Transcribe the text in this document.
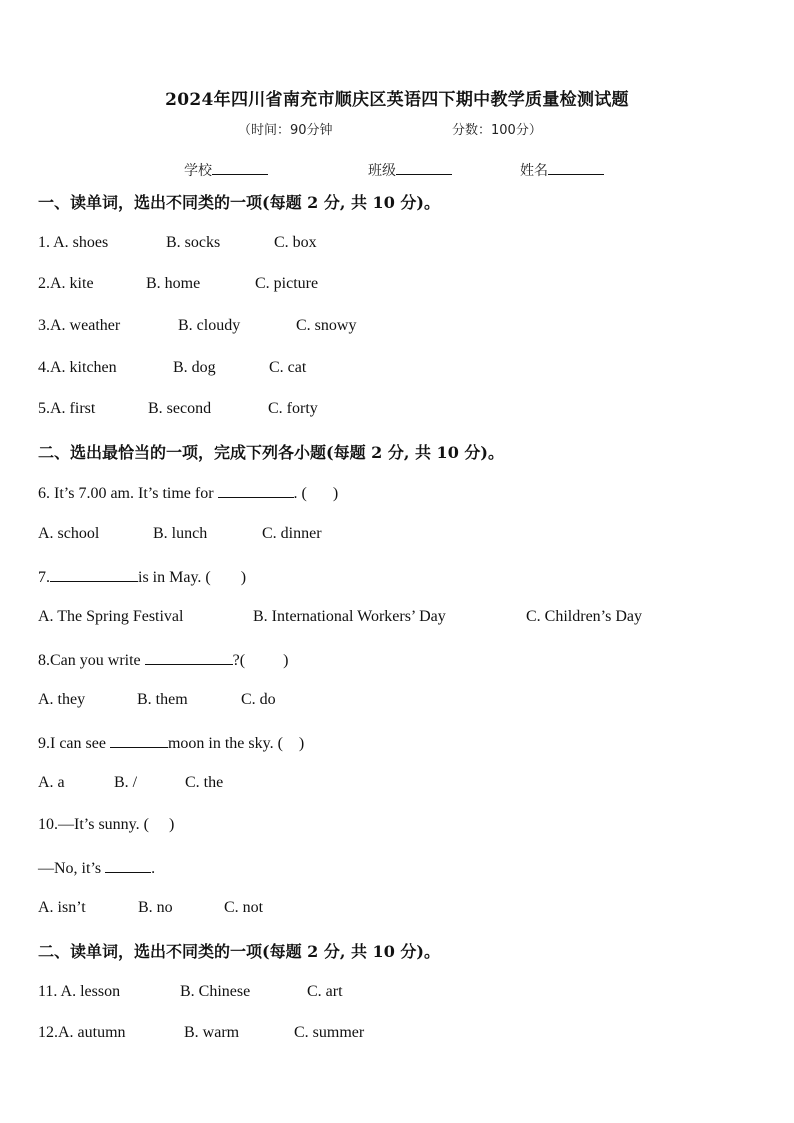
2024年四川省南充市顺庆区英语四下期中教学质量检测试题
（时间：90分钟	分数：100分）
学校	班级	姓名
一、读单词，选出不同类的一项(每题 2 分, 共 10 分)。
1. A. shoes	B. socks	C. box
2.A. kite	B. home	C. picture
3.A. weather	B. cloudy	C. snowy
4.A. kitchen	B. dog	C. cat
5.A. first	B. second	C. forty
二、选出最恰当的一项，完成下列各小题(每题 2 分, 共 10 分)。
6. It’s 7.00 am. It’s time for	. ( )
A. school	B. lunch	C. dinner
7.	is in May. ( )
A. The Spring Festival	B. International Workers’ Day	C. Children’s Day
8.Can you write	?( )
A. they	B. them	C. do
9.I can see	moon in the sky. ( )
A. a	B. /	C. the
10.—It’s sunny. ( )
—No, it’s	.
A. isn’t	B. no	C. not
二、读单词，选出不同类的一项(每题 2 分, 共 10 分)。
11. A. lesson	B. Chinese	C. art
12.A. autumn	B. warm	C. summer
